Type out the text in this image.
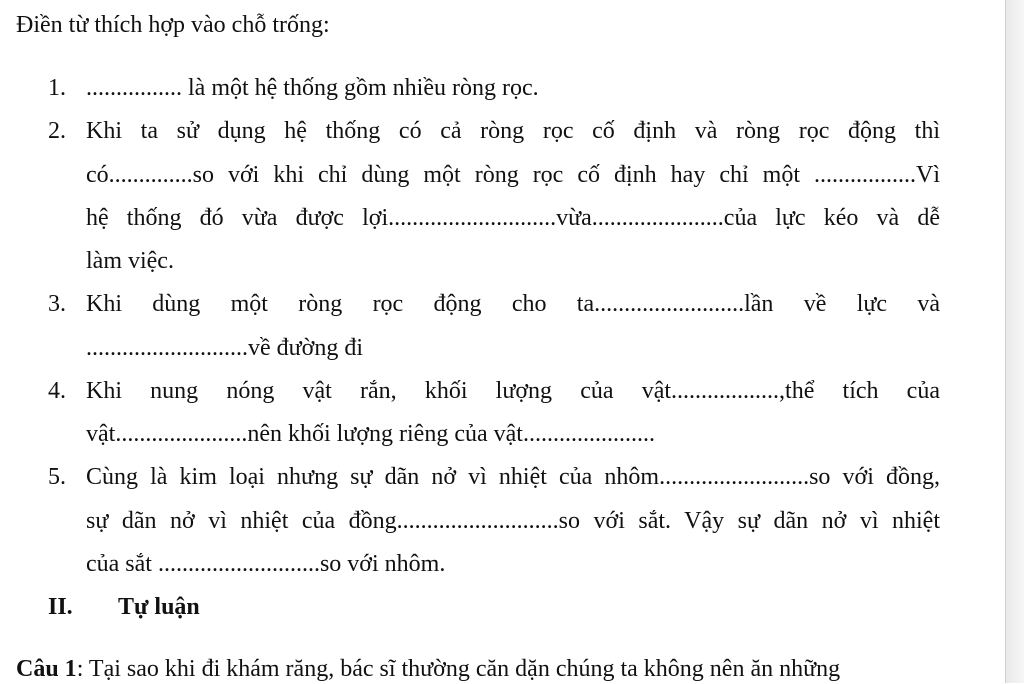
Điền từ thích hợp vào chỗ trống:
1. ................ là một hệ thống gồm nhiều ròng rọc.
2. Khi ta sử dụng hệ thống có cả ròng rọc cố định và ròng rọc động thì
có..............so với khi chỉ dùng một ròng rọc cố định hay chỉ một .................Vì
hệ thống đó vừa được lợi............................vừa......................của lực kéo và dễ
làm việc.
3. Khi dùng một ròng rọc động cho ta.........................lần về lực và
...........................về đường đi
4. Khi nung nóng vật rắn, khối lượng của vật..................,thể tích của
vật......................nên khối lượng riêng của vật......................
5. Cùng là kim loại nhưng sự dãn nở vì nhiệt của nhôm.........................so với đồng,
sự dãn nở vì nhiệt của đồng...........................so với sắt. Vậy sự dãn nở vì nhiệt
của sắt ...........................so với nhôm.
II. Tự luận
Câu 1: Tại sao khi đi khám răng, bác sĩ thường căn dặn chúng ta không nên ăn những
